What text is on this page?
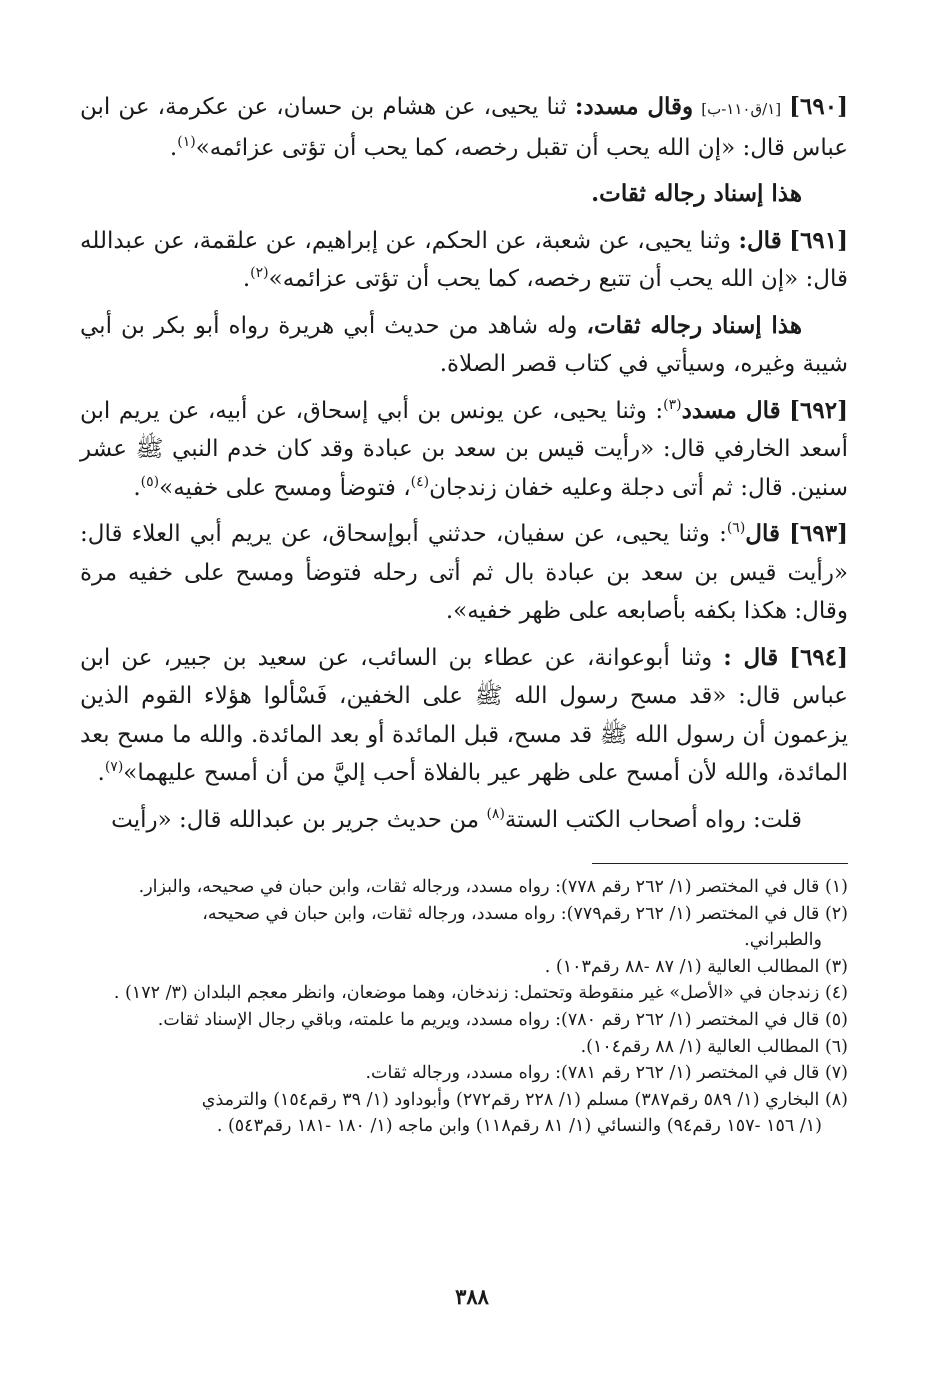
[٦٩٠] [١/ق١١٠-ب] وقال مسدد: ثنا يحيى، عن هشام بن حسان، عن عكرمة، عن ابن عباس قال: «إن الله يحب أن تقبل رخصه، كما يحب أن تؤتى عزائمه»$^{(١)}$.

هذا إسناد رجاله ثقات.

[٦٩١] قال: وثنا يحيى، عن شعبة، عن الحكم، عن إبراهيم، عن علقمة، عن عبدالله قال: «إن الله يحب أن تتبع رخصه، كما يحب أن تؤتى عزائمه»$^{(٢)}$.

هذا إسناد رجاله ثقات، وله شاهد من حديث أبي هريرة رواه أبو بكر بن أبي شيبة وغيره، وسيأتي في كتاب قصر الصلاة.

[٦٩٢] قال مسدد$^{(٣)}$: وثنا يحيى، عن يونس بن أبي إسحاق، عن أبيه، عن يريم ابن أسعد الخارفي قال: «رأيت قيس بن سعد بن عبادة وقد كان خدم النبي ﷺ عشر سنين. قال: ثم أتى دجلة وعليه خفان زندجان$^{(٤)}$، فتوضأ ومسح على خفيه»$^{(٥)}$.

[٦٩٣] قال$^{(٦)}$: وثنا يحيى، عن سفيان، حدثني أبوإسحاق، عن يريم أبي العلاء قال: «رأيت قيس بن سعد بن عبادة بال ثم أتى رحله فتوضأ ومسح على خفيه مرة وقال: هكذا بكفه بأصابعه على ظهر خفيه».

[٦٩٤] قال : وثنا أبوعوانة، عن عطاء بن السائب، عن سعيد بن جبير، عن ابن عباس قال: «قد مسح رسول الله ﷺ على الخفين، فَسْألوا هؤلاء القوم الذين يزعمون أن رسول الله ﷺ قد مسح، قبل المائدة أو بعد المائدة. والله ما مسح بعد المائدة، والله لأن أمسح على ظهر عير بالفلاة أحب إليَّ من أن أمسح عليهما»$^{(٧)}$.

قلت: رواه أصحاب الكتب الستة$^{(٨)}$ من حديث جرير بن عبدالله قال: «رأيت

(١) قال في المختصر (١/ ٢٦٢ رقم ٧٧٨): رواه مسدد، ورجاله ثقات، وابن حبان في صحيحه، والبزار.

(٢) قال في المختصر (١/ ٢٦٢ رقم٧٧٩): رواه مسدد، ورجاله ثقات، وابن حبان في صحيحه،
والطبراني.

(٣) المطالب العالية (١/ ٨٧ -٨٨ رقم١٠٣) .

(٤) زندجان في «الأصل» غير منقوطة وتحتمل: زندخان، وهما موضعان، وانظر معجم البلدان (٣/ ١٧٢) .

(٥) قال في المختصر (١/ ٢٦٢ رقم ٧٨٠): رواه مسدد، ويريم ما علمته، وباقي رجال الإسناد ثقات.

(٦) المطالب العالية (١/ ٨٨ رقم١٠٤).

(٧) قال في المختصر (١/ ٢٦٢ رقم ٧٨١): رواه مسدد، ورجاله ثقات.

(٨) البخاري (١/ ٥٨٩ رقم٣٨٧) مسلم (١/ ٢٢٨ رقم٢٧٢) وأبوداود (١/ ٣٩ رقم١٥٤) والترمذي
(١/ ١٥٦ -١٥٧ رقم٩٤) والنسائي (١/ ٨١ رقم١١٨) وابن ماجه (١/ ١٨٠ -١٨١ رقم٥٤٣) .

٣٨٨
